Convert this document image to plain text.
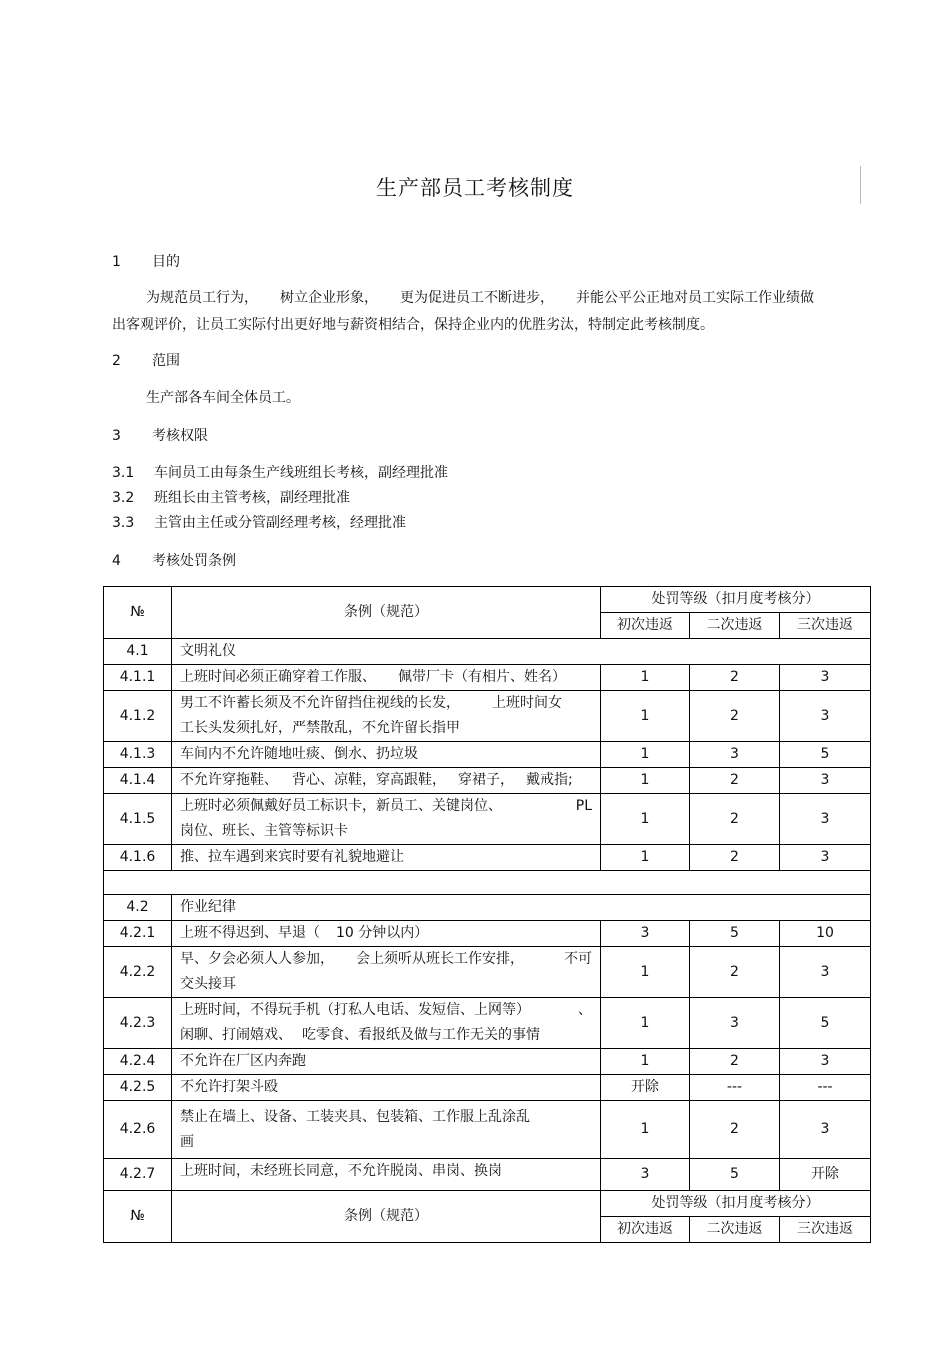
生产部员工考核制度
1 目的
为规范员工行为， 树立企业形象， 更为促进员工不断进步， 并能公平公正地对员工实际工作业绩做
出客观评价，让员工实际付出更好地与薪资相结合，保持企业内的优胜劣汰，特制定此考核制度。
2 范围
生产部各车间全体员工。
3 考核权限
3.1 车间员工由每条生产线班组长考核，副经理批准
3.2 班组长由主管考核，副经理批准
3.3 主管由主任或分管副经理考核，经理批准
4 考核处罚条例
№	条例（规范）	处罚等级（扣月度考核分）		
		初次违返	二次违返	三次违返
4.1	文明礼仪			
4.1.1	上班时间必须正确穿着工作服、 佩带厂卡（有相片、姓名）	1	2	3
4.1.2	男工不许蓄长须及不允许留挡住视线的长发， 上班时间女
工长头发须扎好，严禁散乱，不允许留长指甲	1	2	3
4.1.3	车间内不允许随地吐痰、倒水、扔垃圾	1	3	5
4.1.4	不允许穿拖鞋、 背心、凉鞋，穿高跟鞋， 穿裙子， 戴戒指;	1	2	3
4.1.5	上班时必须佩戴好员工标识卡，新员工、关键岗位、 PL

岗位、班长、主管等标识卡	1	2	3
4.1.6	推、拉车遇到来宾时要有礼貌地避让	1	2	3

4.2	作业纪律			
4.2.1	上班不得迟到、早退（ 10 分钟以内）	3	5	10
4.2.2	早、夕会必须人人参加， 会上须听从班长工作安排， 不可

交头接耳	1	2	3
4.2.3	上班时间，不得玩手机（打私人电话、发短信、上网等） 、

闲聊、打闹嬉戏、 吃零食、看报纸及做与工作无关的事情	1	3	5
4.2.4	不允许在厂区内奔跑	1	2	3
4.2.5	不允许打架斗殴	开除	---	---
4.2.6	禁止在墙上、设备、工装夹具、包装箱、工作服上乱涂乱
画	1	2	3
4.2.7	上班时间，未经班长同意，不允许脱岗、串岗、换岗	3	5	开除
№	条例（规范）	处罚等级（扣月度考核分）		
		初次违返	二次违返	三次违返
